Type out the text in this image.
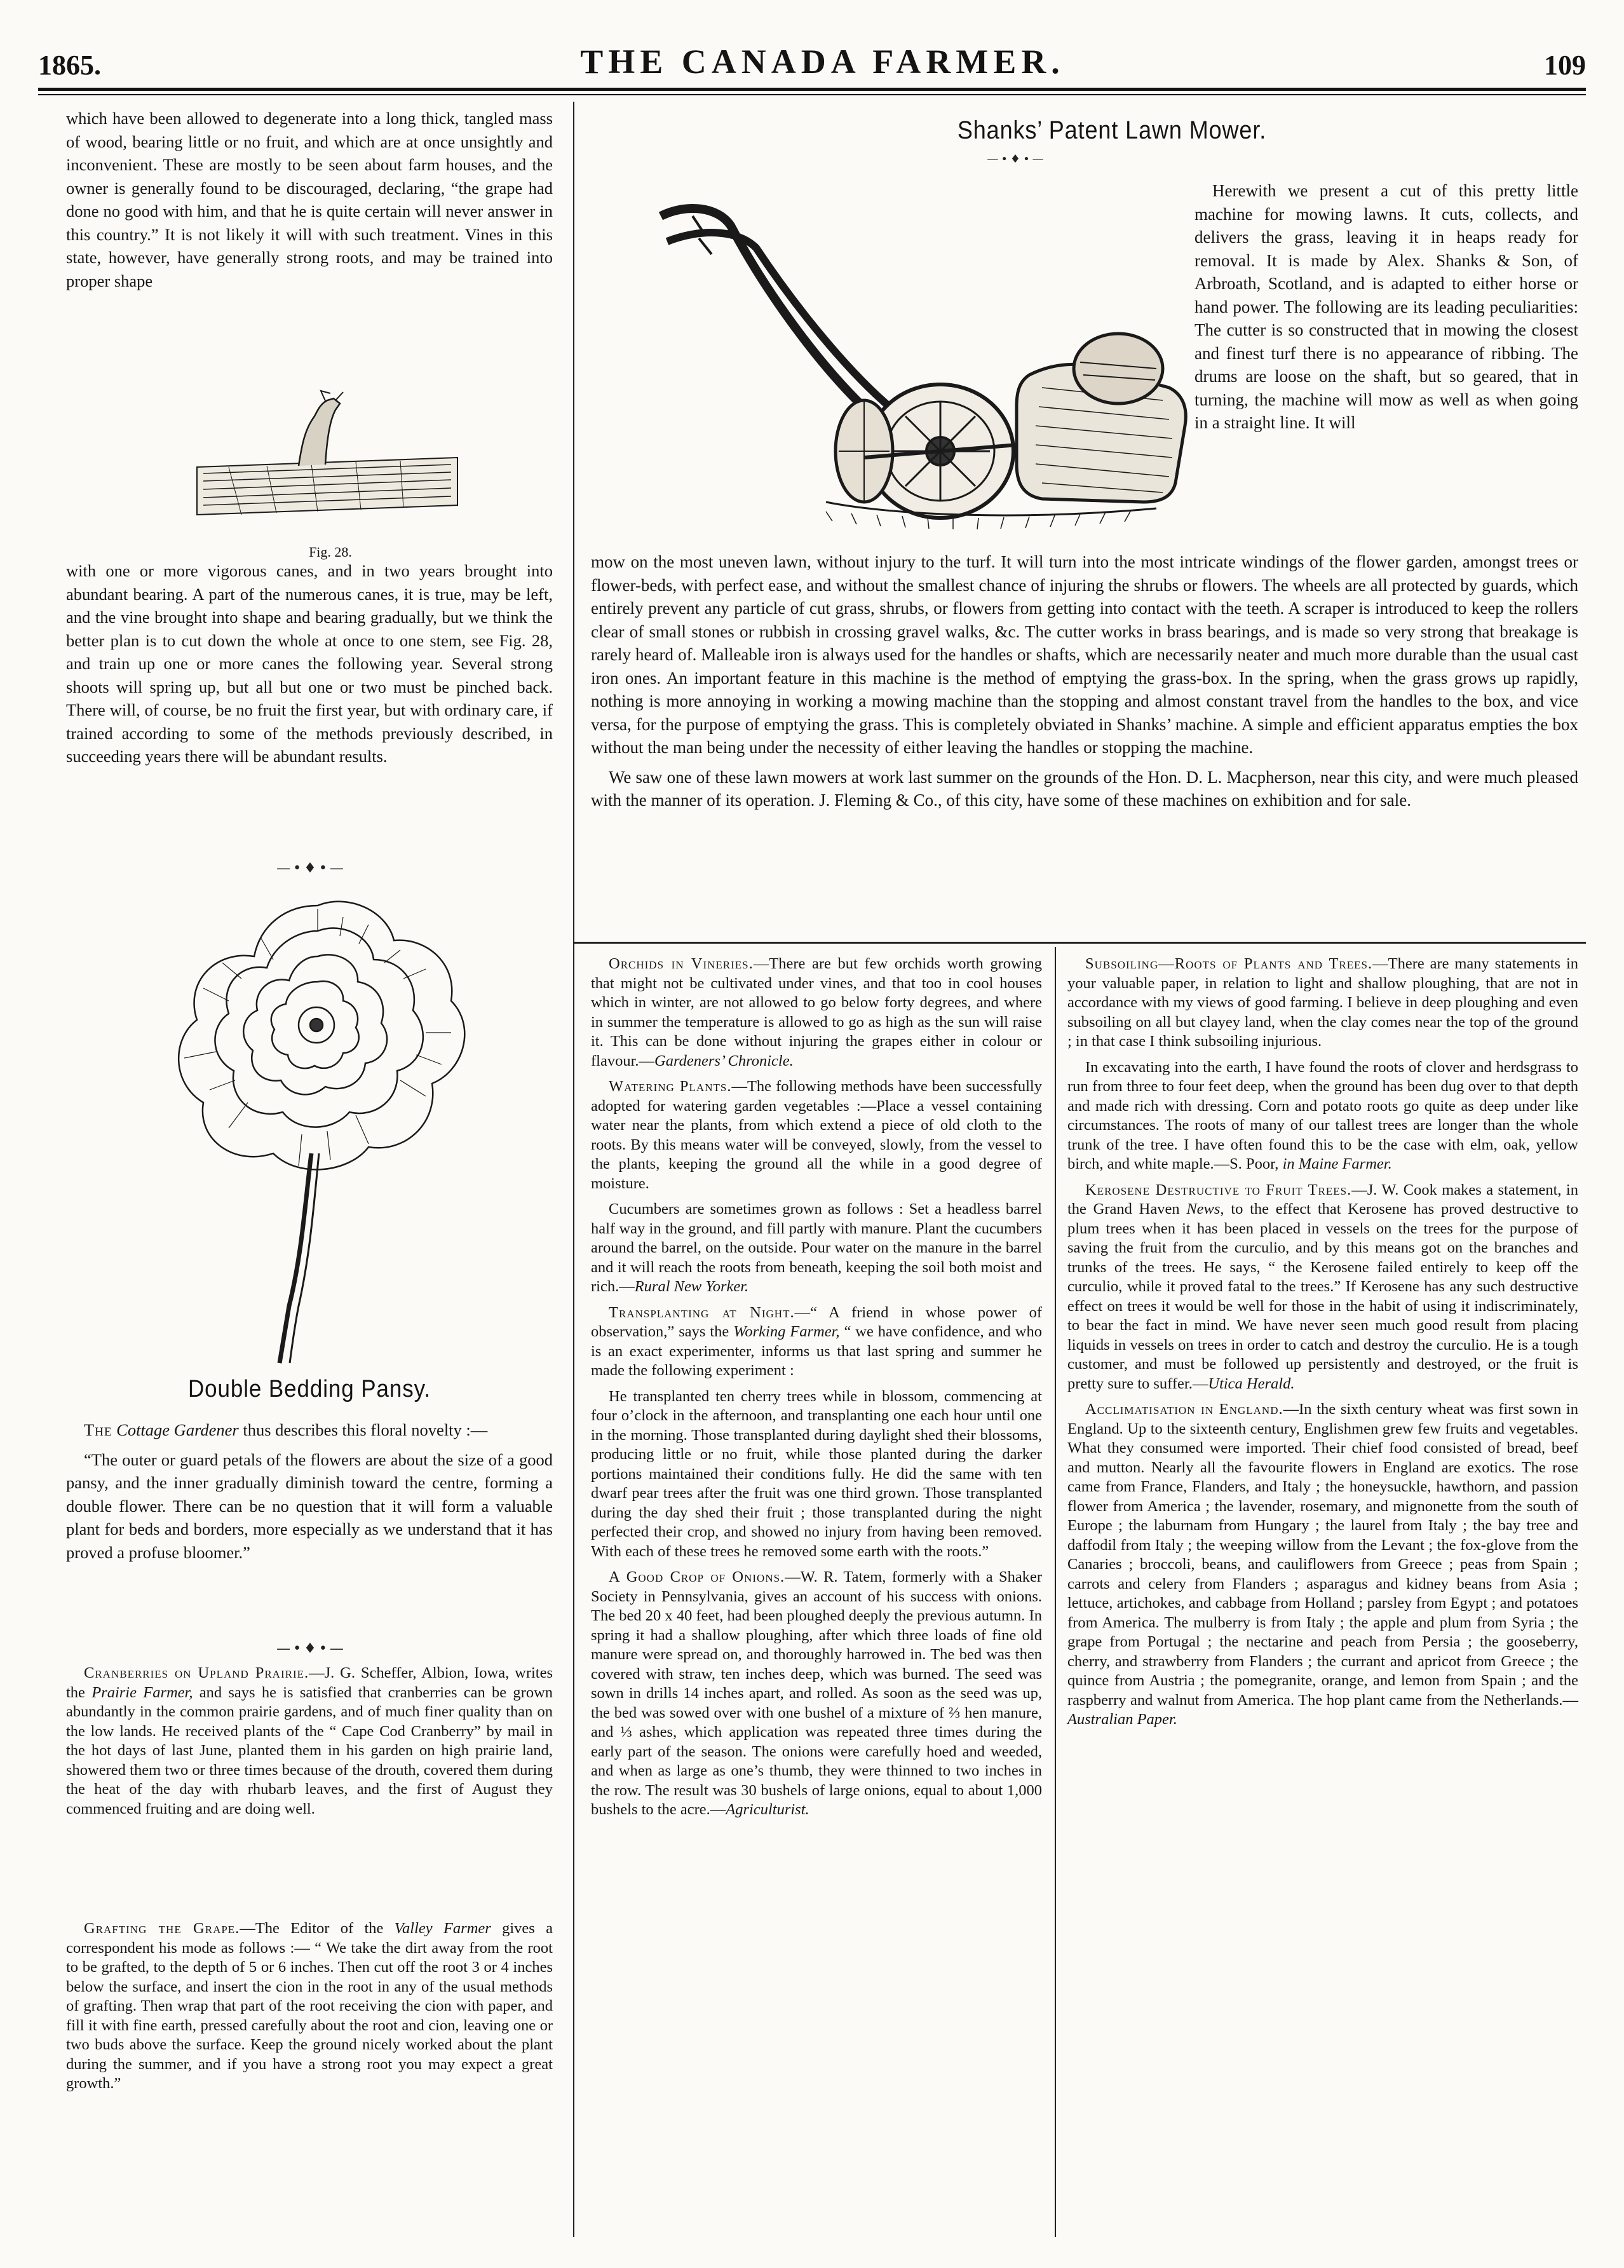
1865.	THE CANADA FARMER.	109

which have been allowed to degenerate into a long thick, tangled mass of wood, bearing little or no fruit, and which are at once unsightly and inconvenient. These are mostly to be seen about farm houses, and the owner is generally found to be discouraged, declaring, “the grape had done no good with him, and that he is quite certain will never answer in this country.” It is not likely it will with such treatment. Vines in this state, however, have generally strong roots, and may be trained into proper shape

Fig. 28.

with one or more vigorous canes, and in two years brought into abundant bearing. A part of the numerous canes, it is true, may be left, and the vine brought into shape and bearing gradually, but we think the better plan is to cut down the whole at once to one stem, see Fig. 28, and train up one or more canes the following year. Several strong shoots will spring up, but all but one or two must be pinched back. There will, of course, be no fruit the first year, but with ordinary care, if trained according to some of the methods previously described, in succeeding years there will be abundant results.

—•♦•—
Double Bedding Pansy.

The Cottage Gardener thus describes this floral novelty :—

“The outer or guard petals of the flowers are about the size of a good pansy, and the inner gradually diminish toward the centre, forming a double flower. There can be no question that it will form a valuable plant for beds and borders, more especially as we understand that it has proved a profuse bloomer.”

—•♦•—

Cranberries on Upland Prairie.—J. G. Scheffer, Albion, Iowa, writes the Prairie Farmer, and says he is satisfied that cranberries can be grown abundantly in the common prairie gardens, and of much finer quality than on the low lands. He received plants of the “ Cape Cod Cranberry” by mail in the hot days of last June, planted them in his garden on high prairie land, showered them two or three times because of the drouth, covered them during the heat of the day with rhubarb leaves, and the first of August they commenced fruiting and are doing well.

Grafting the Grape.—The Editor of the Valley Farmer gives a correspondent his mode as follows :— “ We take the dirt away from the root to be grafted, to the depth of 5 or 6 inches. Then cut off the root 3 or 4 inches below the surface, and insert the cion in the root in any of the usual methods of grafting. Then wrap that part of the root receiving the cion with paper, and fill it with fine earth, pressed carefully about the root and cion, leaving one or two buds above the surface. Keep the ground nicely worked about the plant during the summer, and if you have a strong root you may expect a great growth.”

Shanks’ Patent Lawn Mower.
—•♦•—

Herewith we present a cut of this pretty little machine for mowing lawns. It cuts, collects, and delivers the grass, leaving it in heaps ready for removal. It is made by Alex. Shanks & Son, of Arbroath, Scotland, and is adapted to either horse or hand power. The following are its leading peculiarities: The cutter is so constructed that in mowing the closest and finest turf there is no appearance of ribbing. The drums are loose on the shaft, but so geared, that in turning, the machine will mow as well as when going in a straight line. It will

mow on the most uneven lawn, without injury to the turf. It will turn into the most intricate windings of the flower garden, amongst trees or flower-beds, with perfect ease, and without the smallest chance of injuring the shrubs or flowers. The wheels are all protected by guards, which entirely prevent any particle of cut grass, shrubs, or flowers from getting into contact with the teeth. A scraper is introduced to keep the rollers clear of small stones or rubbish in crossing gravel walks, &c. The cutter works in brass bearings, and is made so very strong that breakage is rarely heard of. Malleable iron is always used for the handles or shafts, which are necessarily neater and much more durable than the usual cast iron ones. An important feature in this machine is the method of emptying the grass-box. In the spring, when the grass grows up rapidly, nothing is more annoying in working a mowing machine than the stopping and almost constant travel from the handles to the box, and vice versa, for the purpose of emptying the grass. This is completely obviated in Shanks’ machine. A simple and efficient apparatus empties the box without the man being under the necessity of either leaving the handles or stopping the machine.

We saw one of these lawn mowers at work last summer on the grounds of the Hon. D. L. Macpherson, near this city, and were much pleased with the manner of its operation. J. Fleming & Co., of this city, have some of these machines on exhibition and for sale.

Orchids in Vineries.—There are but few orchids worth growing that might not be cultivated under vines, and that too in cool houses which in winter, are not allowed to go below forty degrees, and where in summer the temperature is allowed to go as high as the sun will raise it. This can be done without injuring the grapes either in colour or flavour.—Gardeners’ Chronicle.

Watering Plants.—The following methods have been successfully adopted for watering garden vegetables :—Place a vessel containing water near the plants, from which extend a piece of old cloth to the roots. By this means water will be conveyed, slowly, from the vessel to the plants, keeping the ground all the while in a good degree of moisture.

Cucumbers are sometimes grown as follows : Set a headless barrel half way in the ground, and fill partly with manure. Plant the cucumbers around the barrel, on the outside. Pour water on the manure in the barrel and it will reach the roots from beneath, keeping the soil both moist and rich.—Rural New Yorker.

Transplanting at Night.—“ A friend in whose power of observation,” says the Working Farmer, “ we have confidence, and who is an exact experimenter, informs us that last spring and summer he made the following experiment :

He transplanted ten cherry trees while in blossom, commencing at four o’clock in the afternoon, and transplanting one each hour until one in the morning. Those transplanted during daylight shed their blossoms, producing little or no fruit, while those planted during the darker portions maintained their conditions fully. He did the same with ten dwarf pear trees after the fruit was one third grown. Those transplanted during the day shed their fruit ; those transplanted during the night perfected their crop, and showed no injury from having been removed. With each of these trees he removed some earth with the roots.”

A Good Crop of Onions.—W. R. Tatem, formerly with a Shaker Society in Pennsylvania, gives an account of his success with onions. The bed 20 x 40 feet, had been ploughed deeply the previous autumn. In spring it had a shallow ploughing, after which three loads of fine old manure were spread on, and thoroughly harrowed in. The bed was then covered with straw, ten inches deep, which was burned. The seed was sown in drills 14 inches apart, and rolled. As soon as the seed was up, the bed was sowed over with one bushel of a mixture of ⅔ hen manure, and ⅓ ashes, which application was repeated three times during the early part of the season. The onions were carefully hoed and weeded, and when as large as one’s thumb, they were thinned to two inches in the row. The result was 30 bushels of large onions, equal to about 1,000 bushels to the acre.—Agriculturist.

Subsoiling—Roots of Plants and Trees.—There are many statements in your valuable paper, in relation to light and shallow ploughing, that are not in accordance with my views of good farming. I believe in deep ploughing and even subsoiling on all but clayey land, when the clay comes near the top of the ground ; in that case I think subsoiling injurious.

In excavating into the earth, I have found the roots of clover and herdsgrass to run from three to four feet deep, when the ground has been dug over to that depth and made rich with dressing. Corn and potato roots go quite as deep under like circumstances. The roots of many of our tallest trees are longer than the whole trunk of the tree. I have often found this to be the case with elm, oak, yellow birch, and white maple.—S. Poor, in Maine Farmer.

Kerosene Destructive to Fruit Trees.—J. W. Cook makes a statement, in the Grand Haven News, to the effect that Kerosene has proved destructive to plum trees when it has been placed in vessels on the trees for the purpose of saving the fruit from the curculio, and by this means got on the branches and trunks of the trees. He says, “ the Kerosene failed entirely to keep off the curculio, while it proved fatal to the trees.” If Kerosene has any such destructive effect on trees it would be well for those in the habit of using it indiscriminately, to bear the fact in mind. We have never seen much good result from placing liquids in vessels on trees in order to catch and destroy the curculio. He is a tough customer, and must be followed up persistently and destroyed, or the fruit is pretty sure to suffer.—Utica Herald.

Acclimatisation in England.—In the sixth century wheat was first sown in England. Up to the sixteenth century, Englishmen grew few fruits and vegetables. What they consumed were imported. Their chief food consisted of bread, beef and mutton. Nearly all the favourite flowers in England are exotics. The rose came from France, Flanders, and Italy ; the honeysuckle, hawthorn, and passion flower from America ; the lavender, rosemary, and mignonette from the south of Europe ; the laburnam from Hungary ; the laurel from Italy ; the bay tree and daffodil from Italy ; the weeping willow from the Levant ; the fox-glove from the Canaries ; broccoli, beans, and cauliflowers from Greece ; peas from Spain ; carrots and celery from Flanders ; asparagus and kidney beans from Asia ; lettuce, artichokes, and cabbage from Holland ; parsley from Egypt ; and potatoes from America. The mulberry is from Italy ; the apple and plum from Syria ; the grape from Portugal ; the nectarine and peach from Persia ; the gooseberry, cherry, and strawberry from Flanders ; the currant and apricot from Greece ; the quince from Austria ; the pomegranite, orange, and lemon from Spain ; and the raspberry and walnut from America. The hop plant came from the Netherlands.—Australian Paper.
